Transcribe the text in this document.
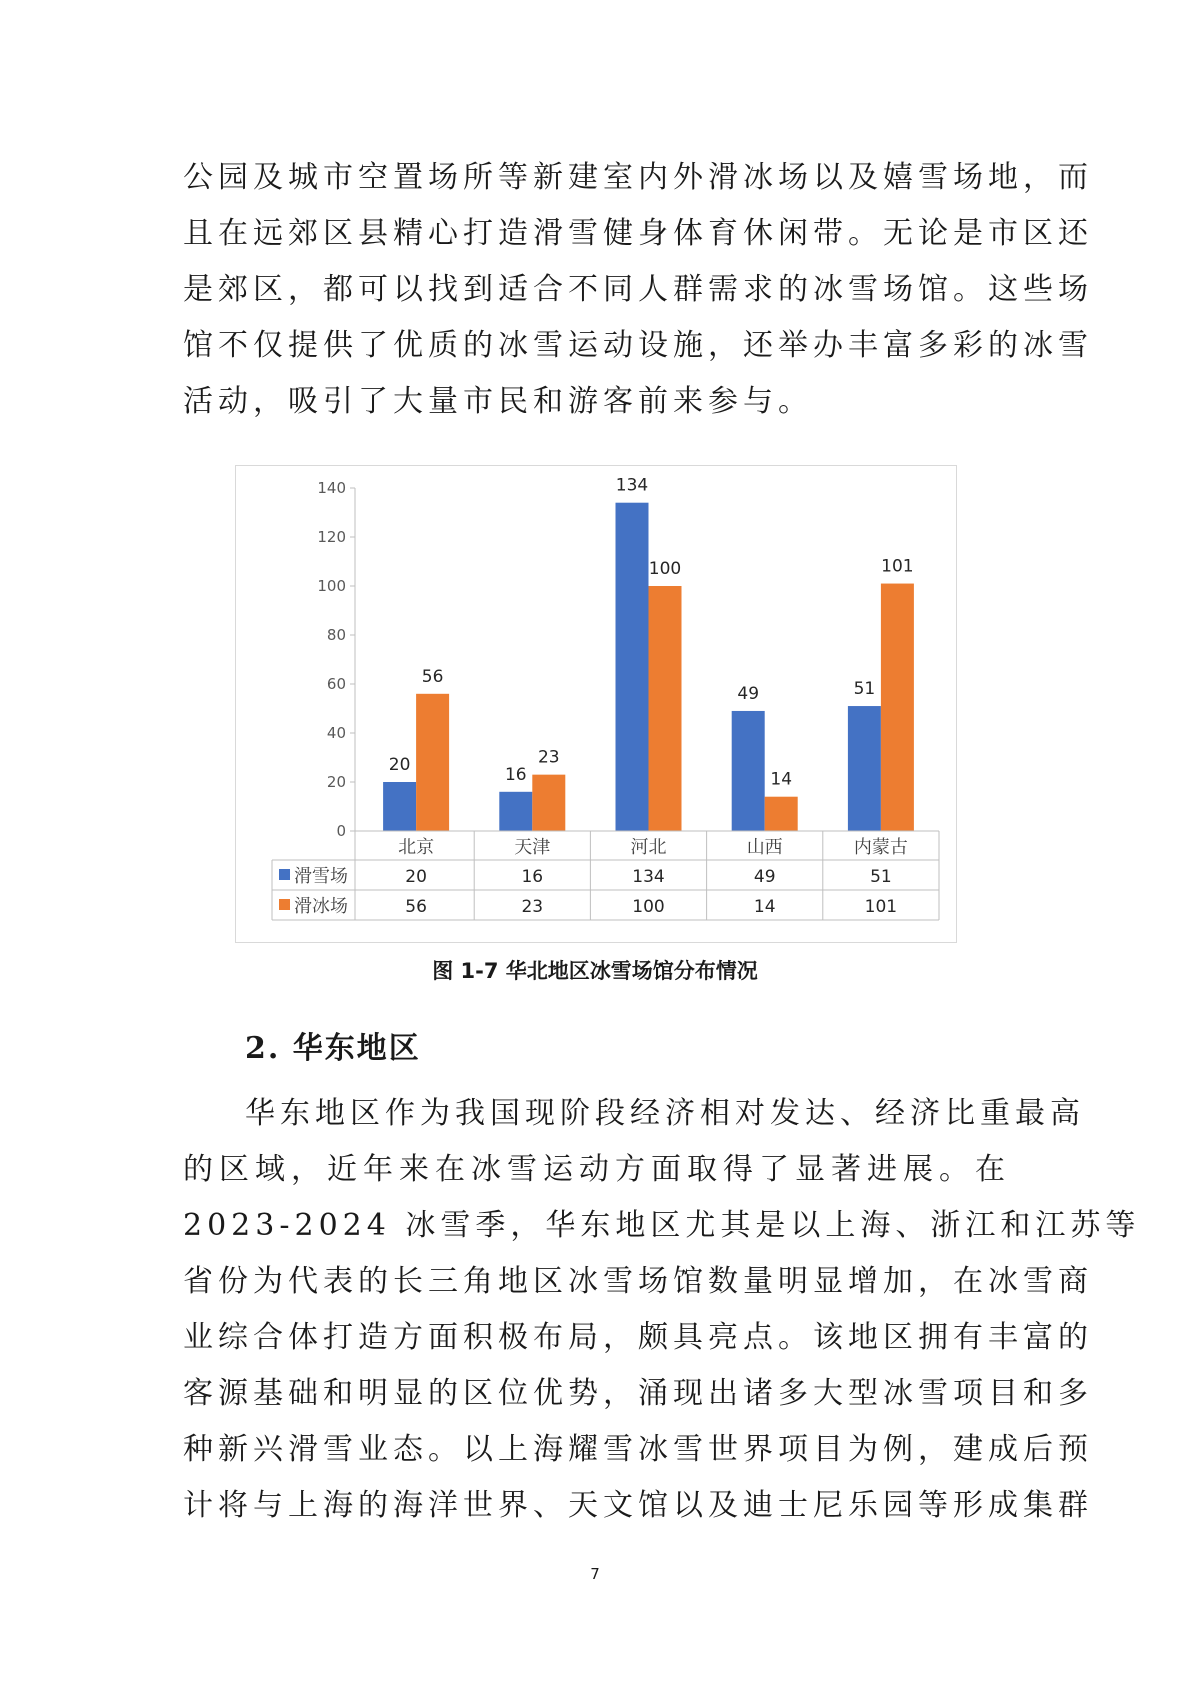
公园及城市空置场所等新建室内外滑冰场以及嬉雪场地，而
且在远郊区县精心打造滑雪健身体育休闲带。无论是市区还
是郊区，都可以找到适合不同人群需求的冰雪场馆。这些场
馆不仅提供了优质的冰雪运动设施，还举办丰富多彩的冰雪
活动，吸引了大量市民和游客前来参与。
0
20
40
60
80
100
120
140
20	16
134
49	51
56
23
100
14
101
北京	天津	河北	山西	内蒙古
滑雪场	20	16	134	49	51
滑冰场	56	23	100	14	101
图 1-7 华北地区冰雪场馆分布情况
2. 华东地区
华东地区作为我国现阶段经济相对发达、经济比重最高
的区域，近年来在冰雪运动方面取得了显著进展。在
2023-2024 冰雪季，华东地区尤其是以上海、浙江和江苏等
省份为代表的长三角地区冰雪场馆数量明显增加，在冰雪商
业综合体打造方面积极布局，颇具亮点。该地区拥有丰富的
客源基础和明显的区位优势，涌现出诸多大型冰雪项目和多
种新兴滑雪业态。以上海耀雪冰雪世界项目为例，建成后预
计将与上海的海洋世界、天文馆以及迪士尼乐园等形成集群
7
